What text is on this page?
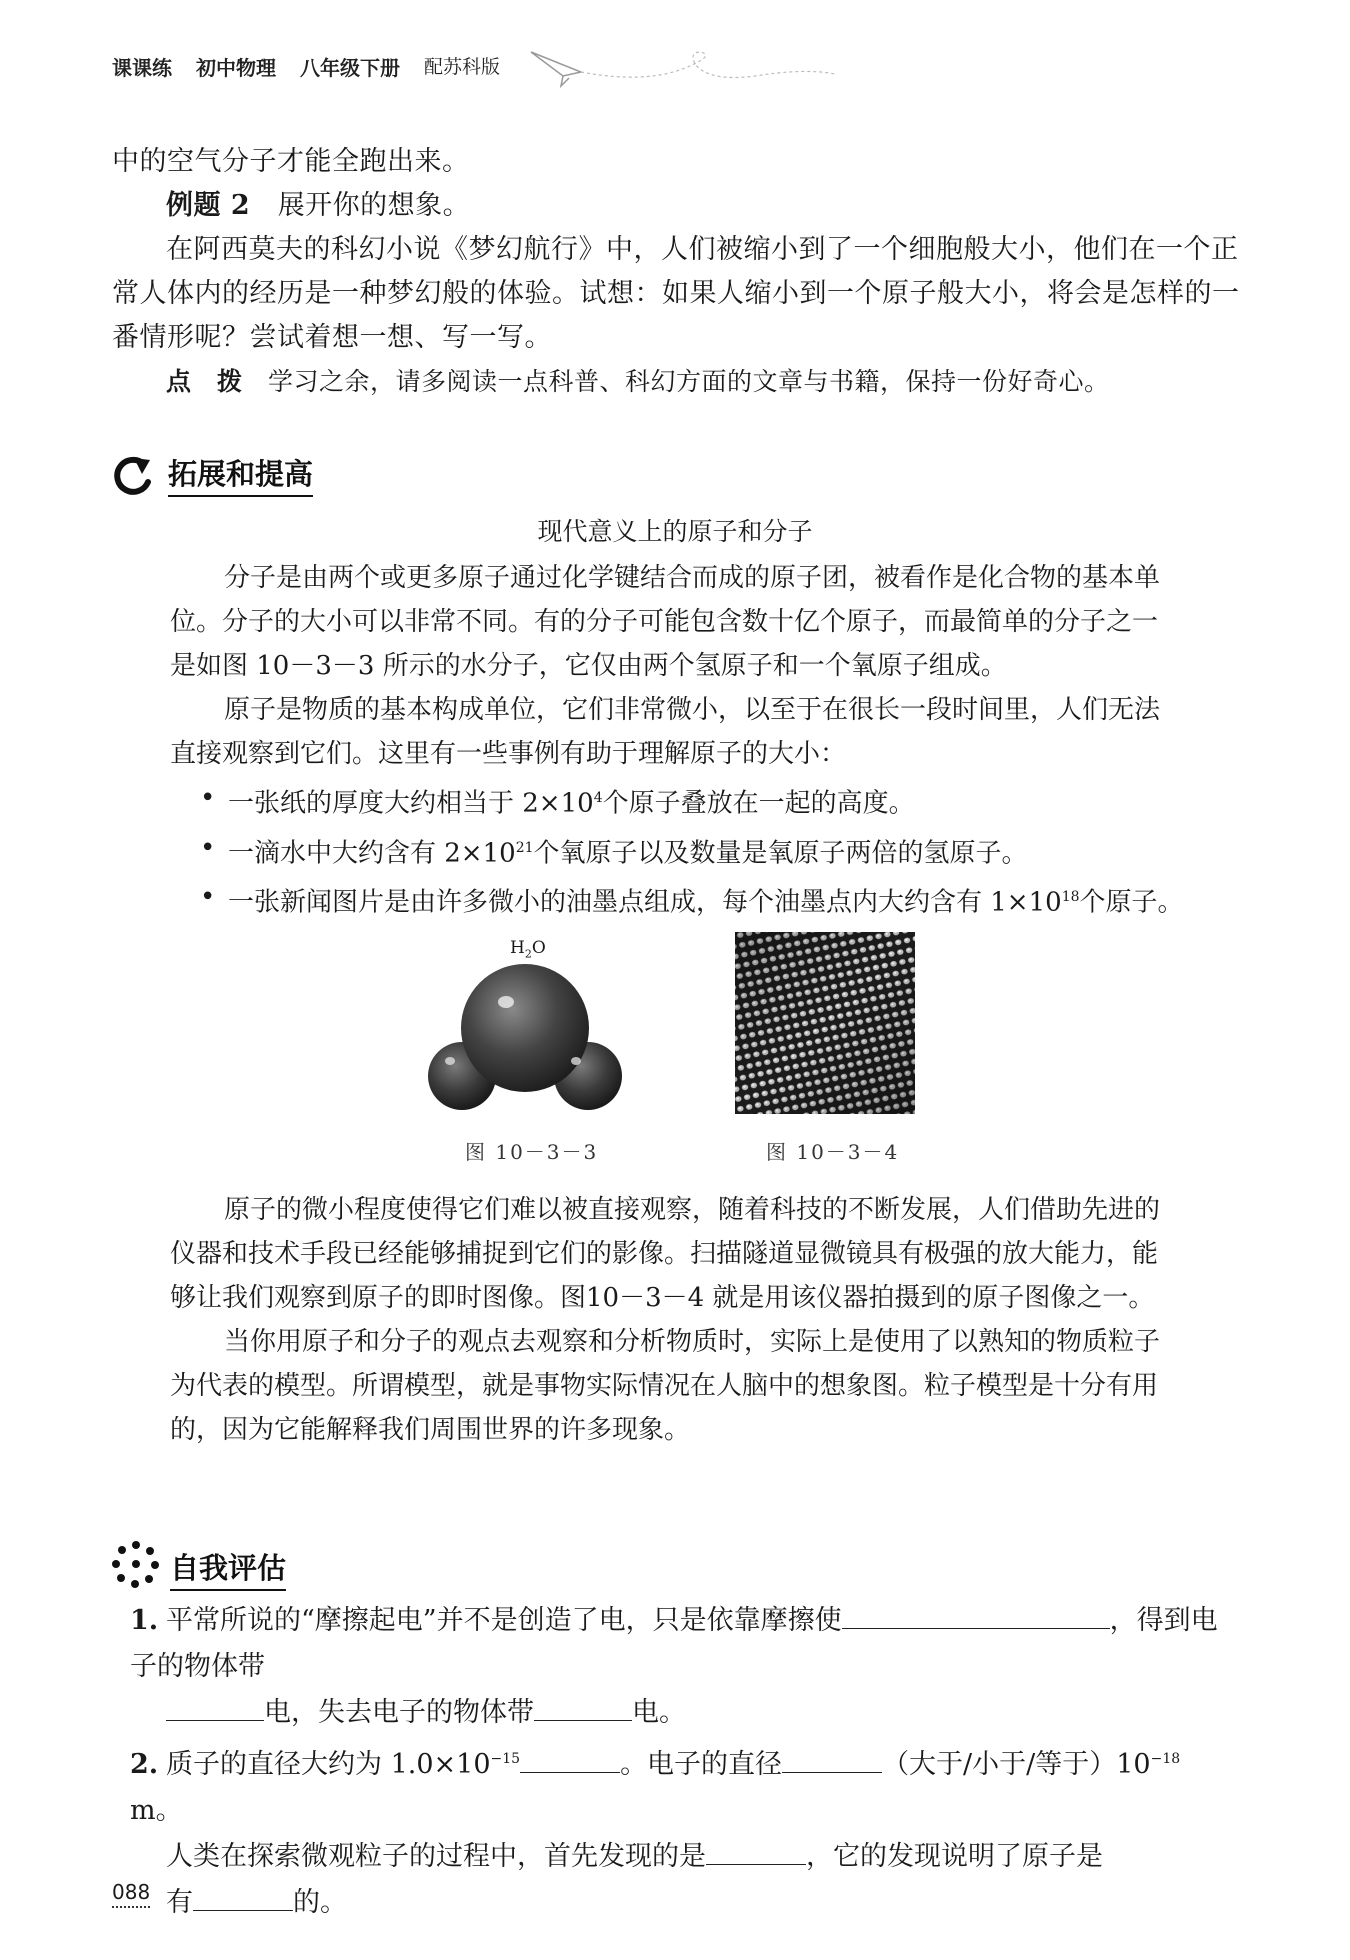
课课练 初中物理 八年级下册 配苏科版

中的空气分子才能全跑出来。

例题 2　 展开你的想象。

在阿西莫夫的科幻小说《梦幻航行》中，人们被缩小到了一个细胞般大小，他们在一个正常人体内的经历是一种梦幻般的体验。试想：如果人缩小到一个原子般大小，将会是怎样的一番情形呢？尝试着想一想、写一写。

点　拨　 学习之余，请多阅读一点科普、科幻方面的文章与书籍，保持一份好奇心。

拓展和提高
现代意义上的原子和分子

分子是由两个或更多原子通过化学键结合而成的原子团，被看作是化合物的基本单位。分子的大小可以非常不同。有的分子可能包含数十亿个原子，而最简单的分子之一是如图 10－3－3 所示的水分子，它仅由两个氢原子和一个氧原子组成。

原子是物质的基本构成单位，它们非常微小，以至于在很长一段时间里，人们无法直接观察到它们。这里有一些事例有助于理解原子的大小：

• 一张纸的厚度大约相当于 $2\times 10^4$个原子叠放在一起的高度。

• 一滴水中大约含有 $2\times 10^{21}$个氧原子以及数量是氧原子两倍的氢原子。

• 一张新闻图片是由许多微小的油墨点组成，每个油墨点内大约含有 $1\times 10^{18}$个原子。

$H_2O$
图 10－3－3	图 10－3－4

原子的微小程度使得它们难以被直接观察，随着科技的不断发展，人们借助先进的仪器和技术手段已经能够捕捉到它们的影像。扫描隧道显微镜具有极强的放大能力，能够让我们观察到原子的即时图像。图10－3－4 就是用该仪器拍摄到的原子图像之一。

当你用原子和分子的观点去观察和分析物质时，实际上是使用了以熟知的物质粒子为代表的模型。所谓模型，就是事物实际情况在人脑中的想象图。粒子模型是十分有用的，因为它能解释我们周围世界的许多现象。

自我评估

1. 平常所说的“摩擦起电”并不是创造了电，只是依靠摩擦使	，得到电子的物体带

电，失去电子的物体带	电。

2. 质子的直径大约为 $1.0\times 10^{-15}$	。电子的直径	（大于/小于/等于）$10^{-18}$ m。

人类在探索微观粒子的过程中，首先发现的是	，它的发现说明了原子是

有	的。

088
